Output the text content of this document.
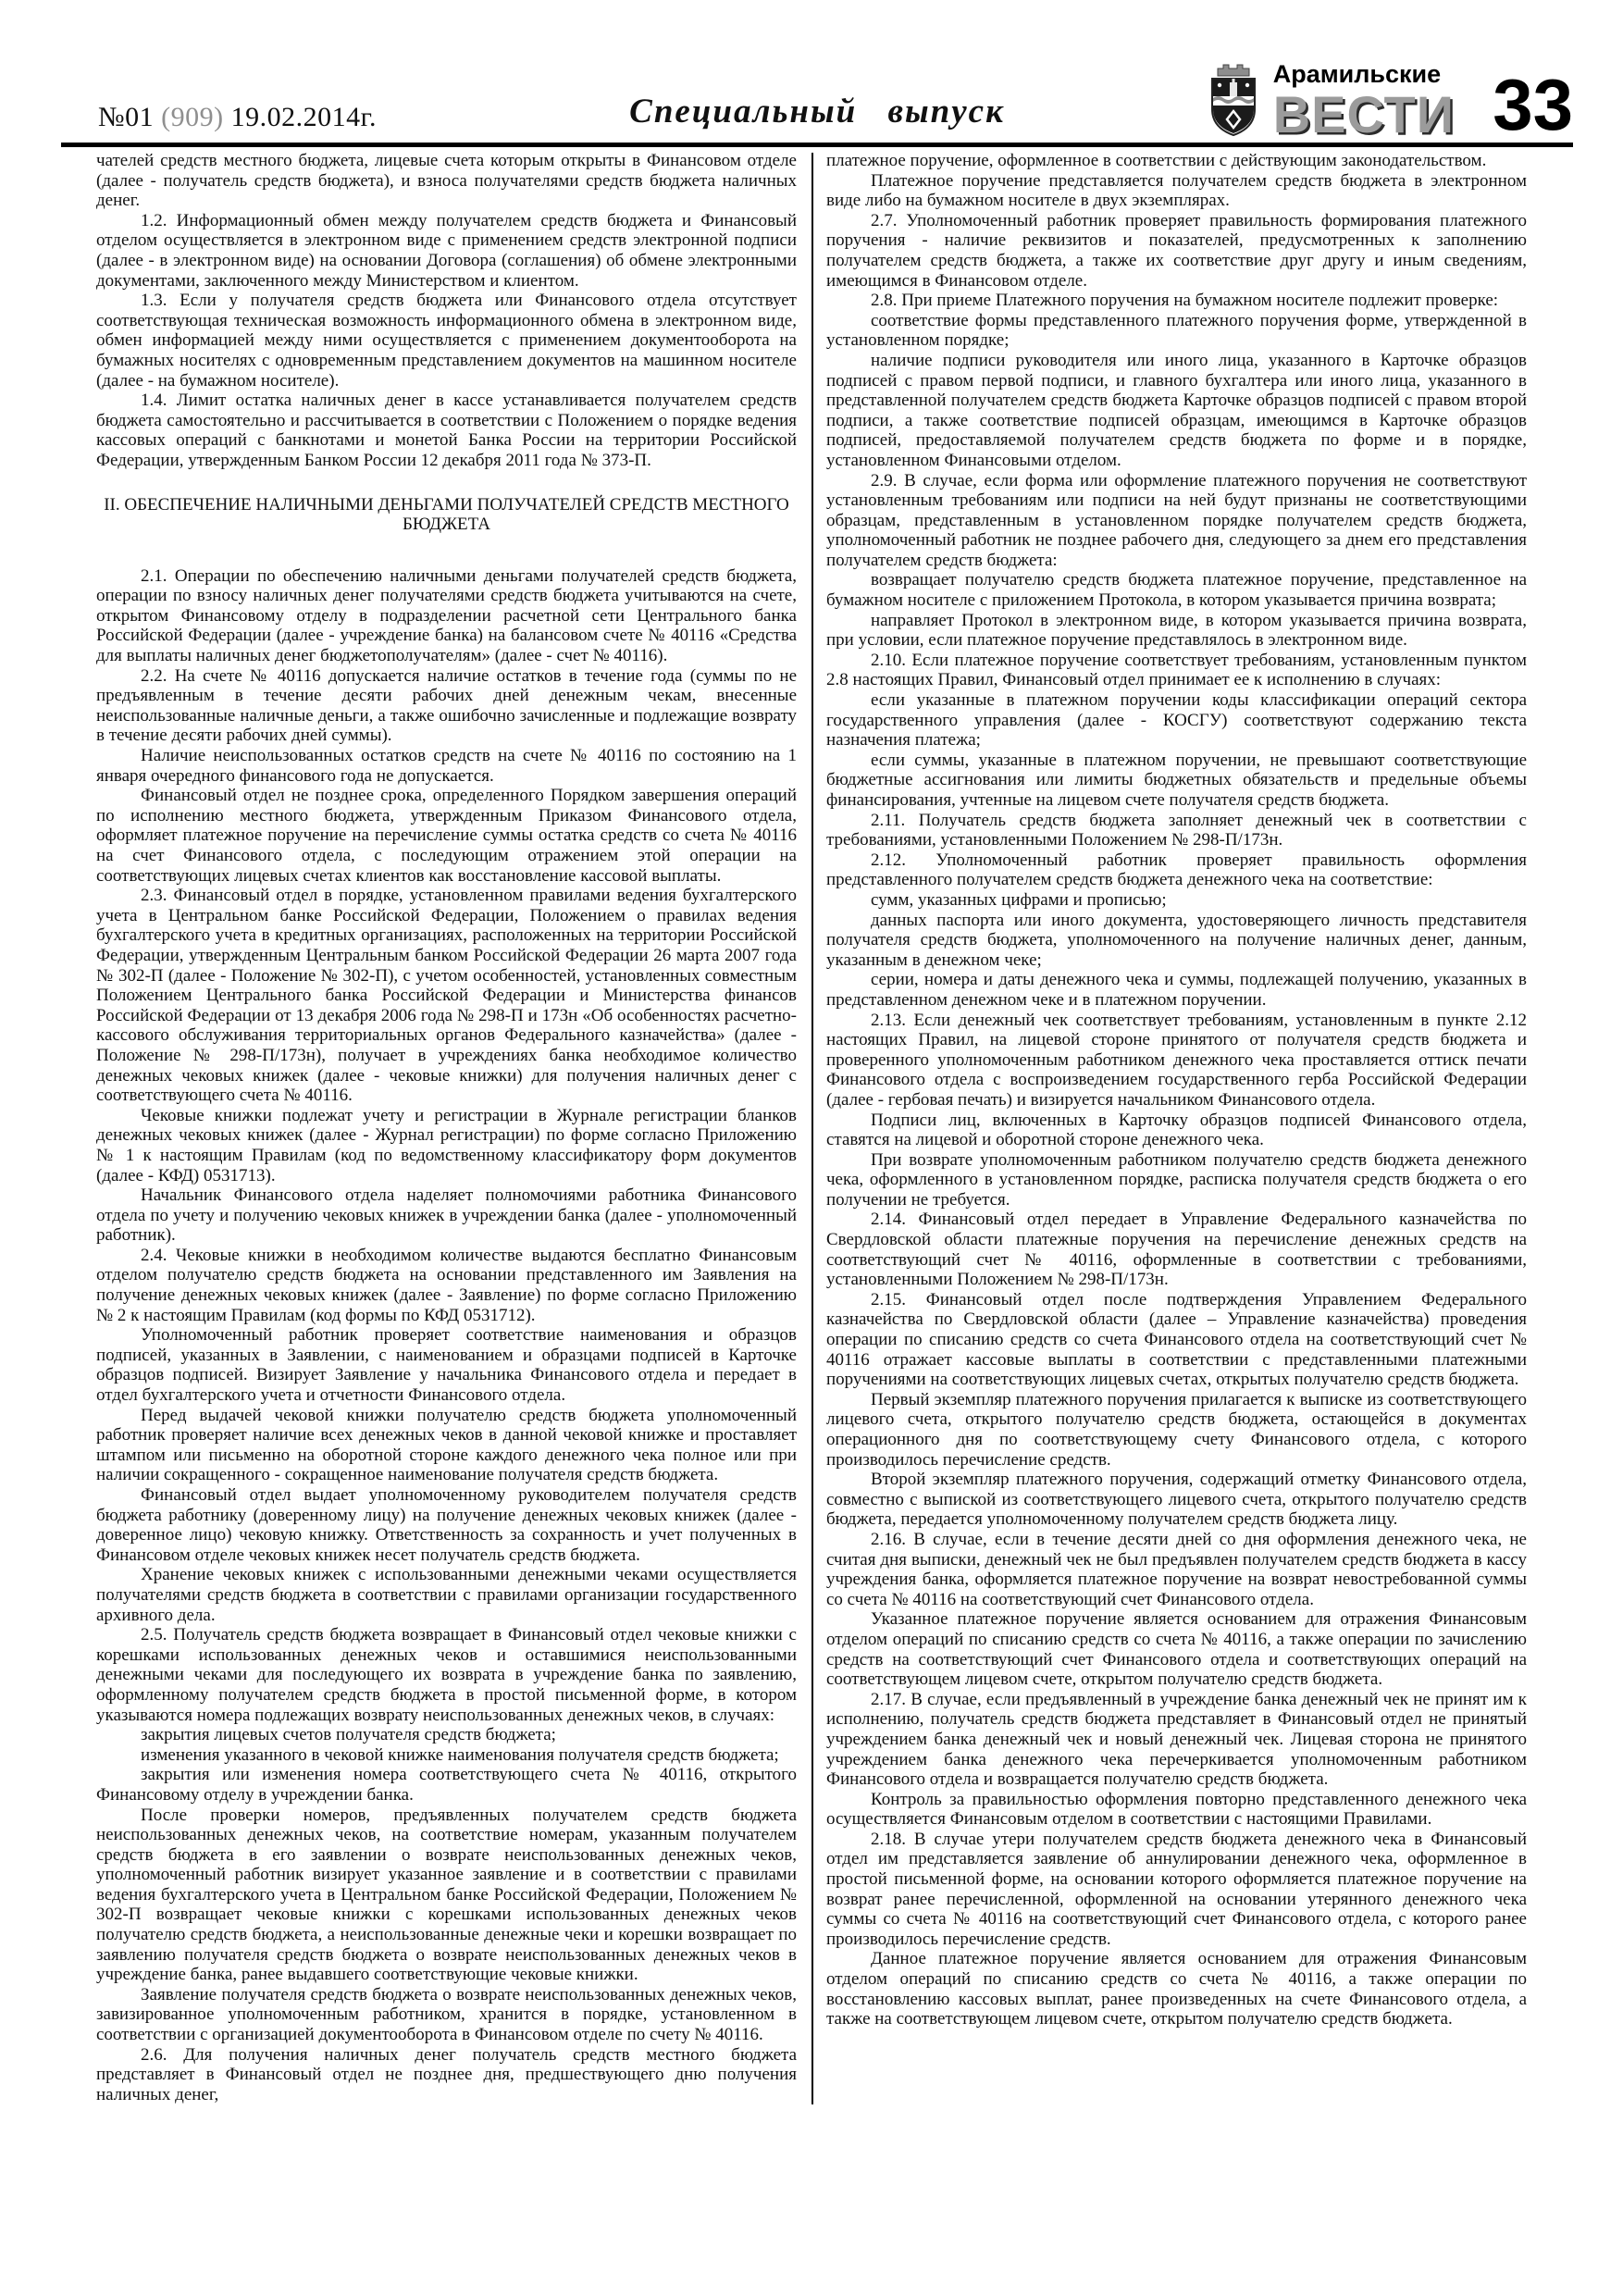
№01 (909) 19.02.2014г.	Специальный выпуск
Арамильские
ВЕСТИ 33

чателей средств местного бюджета, лицевые счета которым открыты в Финансовом отделе (далее - получатель средств бюджета), и взноса получателями средств бюджета наличных денег.

1.2. Информационный обмен между получателем средств бюджета и Финансовый отделом осуществляется в электронном виде с применением средств электронной подписи (далее - в электронном виде) на основании Договора (соглашения) об обмене электронными документами, заключенного между Министерством и клиентом.

1.3. Если у получателя средств бюджета или Финансового отдела отсутствует соответствующая техническая возможность информационного обмена в электронном виде, обмен информацией между ними осуществляется с применением документооборота на бумажных носителях с одновременным представлением документов на машинном носителе (далее - на бумажном носителе).

1.4. Лимит остатка наличных денег в кассе устанавливается получателем средств бюджета самостоятельно и рассчитывается в соответствии с Положением о порядке ведения кассовых операций с банкнотами и монетой Банка России на территории Российской Федерации, утвержденным Банком России 12 декабря 2011 года № 373-П.

II. ОБЕСПЕЧЕНИЕ НАЛИЧНЫМИ ДЕНЬГАМИ ПОЛУЧАТЕЛЕЙ СРЕДСТВ МЕСТНОГО БЮДЖЕТА

2.1. Операции по обеспечению наличными деньгами получателей средств бюджета, операции по взносу наличных денег получателями средств бюджета учитываются на счете, открытом Финансовому отделу в подразделении расчетной сети Центрального банка Российской Федерации (далее - учреждение банка) на балансовом счете № 40116 «Средства для выплаты наличных денег бюджетополучателям» (далее - счет № 40116).

2.2. На счете № 40116 допускается наличие остатков в течение года (суммы по не предъявленным в течение десяти рабочих дней денежным чекам, внесенные неиспользованные наличные деньги, а также ошибочно зачисленные и подлежащие возврату в течение десяти рабочих дней суммы).

Наличие неиспользованных остатков средств на счете № 40116 по состоянию на 1 января очередного финансового года не допускается.

Финансовый отдел не позднее срока, определенного Порядком завершения операций по исполнению местного бюджета, утвержденным Приказом Финансового отдела, оформляет платежное поручение на перечисление суммы остатка средств со счета № 40116 на счет Финансового отдела, с последующим отражением этой операции на соответствующих лицевых счетах клиентов как восстановление кассовой выплаты.

2.3. Финансовый отдел в порядке, установленном правилами ведения бухгалтерского учета в Центральном банке Российской Федерации, Положением о правилах ведения бухгалтерского учета в кредитных организациях, расположенных на территории Российской Федерации, утвержденным Центральным банком Российской Федерации 26 марта 2007 года № 302-П (далее - Положение № 302-П), с учетом особенностей, установленных совместным Положением Центрального банка Российской Федерации и Министерства финансов Российской Федерации от 13 декабря 2006 года № 298-П и 173н «Об особенностях расчетно-кассового обслуживания территориальных органов Федерального казначейства» (далее - Положение № 298-П/173н), получает в учреждениях банка необходимое количество денежных чековых книжек (далее - чековые книжки) для получения наличных денег с соответствующего счета № 40116.

Чековые книжки подлежат учету и регистрации в Журнале регистрации бланков денежных чековых книжек (далее - Журнал регистрации) по форме согласно Приложению № 1 к настоящим Правилам (код по ведомственному классификатору форм документов (далее - КФД) 0531713).

Начальник Финансового отдела наделяет полномочиями работника Финансового отдела по учету и получению чековых книжек в учреждении банка (далее - уполномоченный работник).

2.4. Чековые книжки в необходимом количестве выдаются бесплатно Финансовым отделом получателю средств бюджета на основании представленного им Заявления на получение денежных чековых книжек (далее - Заявление) по форме согласно Приложению № 2 к настоящим Правилам (код формы по КФД 0531712).

Уполномоченный работник проверяет соответствие наименования и образцов подписей, указанных в Заявлении, с наименованием и образцами подписей в Карточке образцов подписей. Визирует Заявление у начальника Финансового отдела и передает в отдел бухгалтерского учета и отчетности Финансового отдела.

Перед выдачей чековой книжки получателю средств бюджета уполномоченный работник проверяет наличие всех денежных чеков в данной чековой книжке и проставляет штампом или письменно на оборотной стороне каждого денежного чека полное или при наличии сокращенного - сокращенное наименование получателя средств бюджета.

Финансовый отдел выдает уполномоченному руководителем получателя средств бюджета работнику (доверенному лицу) на получение денежных чековых книжек (далее - доверенное лицо) чековую книжку. Ответственность за сохранность и учет полученных в Финансовом отделе чековых книжек несет получатель средств бюджета.

Хранение чековых книжек с использованными денежными чеками осуществляется получателями средств бюджета в соответствии с правилами организации государственного архивного дела.

2.5. Получатель средств бюджета возвращает в Финансовый отдел чековые книжки с корешками использованных денежных чеков и оставшимися неиспользованными денежными чеками для последующего их возврата в учреждение банка по заявлению, оформленному получателем средств бюджета в простой письменной форме, в котором указываются номера подлежащих возврату неиспользованных денежных чеков, в случаях:

закрытия лицевых счетов получателя средств бюджета;

изменения указанного в чековой книжке наименования получателя средств бюджета;

закрытия или изменения номера соответствующего счета № 40116, открытого Финансовому отделу в учреждении банка.

После проверки номеров, предъявленных получателем средств бюджета неиспользованных денежных чеков, на соответствие номерам, указанным получателем средств бюджета в его заявлении о возврате неиспользованных денежных чеков, уполномоченный работник визирует указанное заявление и в соответствии с правилами ведения бухгалтерского учета в Центральном банке Российской Федерации, Положением № 302-П возвращает чековые книжки с корешками использованных денежных чеков получателю средств бюджета, а неиспользованные денежные чеки и корешки возвращает по заявлению получателя средств бюджета о возврате неиспользованных денежных чеков в учреждение банка, ранее выдавшего соответствующие чековые книжки.

Заявление получателя средств бюджета о возврате неиспользованных денежных чеков, завизированное уполномоченным работником, хранится в порядке, установленном в соответствии с организацией документооборота в Финансовом отделе по счету № 40116.

2.6. Для получения наличных денег получатель средств местного бюджета представляет в Финансовый отдел не позднее дня, предшествующего дню получения наличных денег,

платежное поручение, оформленное в соответствии с действующим законодательством.

Платежное поручение представляется получателем средств бюджета в электронном виде либо на бумажном носителе в двух экземплярах.

2.7. Уполномоченный работник проверяет правильность формирования платежного поручения - наличие реквизитов и показателей, предусмотренных к заполнению получателем средств бюджета, а также их соответствие друг другу и иным сведениям, имеющимся в Финансовом отделе.

2.8. При приеме Платежного поручения на бумажном носителе подлежит проверке:

соответствие формы представленного платежного поручения форме, утвержденной в установленном порядке;

наличие подписи руководителя или иного лица, указанного в Карточке образцов подписей с правом первой подписи, и главного бухгалтера или иного лица, указанного в представленной получателем средств бюджета Карточке образцов подписей с правом второй подписи, а также соответствие подписей образцам, имеющимся в Карточке образцов подписей, предоставляемой получателем средств бюджета по форме и в порядке, установленном Финансовыми отделом.

2.9. В случае, если форма или оформление платежного поручения не соответствуют установленным требованиям или подписи на ней будут признаны не соответствующими образцам, представленным в установленном порядке получателем средств бюджета, уполномоченный работник не позднее рабочего дня, следующего за днем его представления получателем средств бюджета:

возвращает получателю средств бюджета платежное поручение, представленное на бумажном носителе с приложением Протокола, в котором указывается причина возврата;

направляет Протокол в электронном виде, в котором указывается причина возврата, при условии, если платежное поручение представлялось в электронном виде.

2.10. Если платежное поручение соответствует требованиям, установленным пунктом 2.8 настоящих Правил, Финансовый отдел принимает ее к исполнению в случаях:

если указанные в платежном поручении коды классификации операций сектора государственного управления (далее - КОСГУ) соответствуют содержанию текста назначения платежа;

если суммы, указанные в платежном поручении, не превышают соответствующие бюджетные ассигнования или лимиты бюджетных обязательств и предельные объемы финансирования, учтенные на лицевом счете получателя средств бюджета.

2.11. Получатель средств бюджета заполняет денежный чек в соответствии с требованиями, установленными Положением № 298-П/173н.

2.12. Уполномоченный работник проверяет правильность оформления представленного получателем средств бюджета денежного чека на соответствие:

сумм, указанных цифрами и прописью;

данных паспорта или иного документа, удостоверяющего личность представителя получателя средств бюджета, уполномоченного на получение наличных денег, данным, указанным в денежном чеке;

серии, номера и даты денежного чека и суммы, подлежащей получению, указанных в представленном денежном чеке и в платежном поручении.

2.13. Если денежный чек соответствует требованиям, установленным в пункте 2.12 настоящих Правил, на лицевой стороне принятого от получателя средств бюджета и проверенного уполномоченным работником денежного чека проставляется оттиск печати Финансового отдела с воспроизведением государственного герба Российской Федерации (далее - гербовая печать) и визируется начальником Финансового отдела.

Подписи лиц, включенных в Карточку образцов подписей Финансового отдела, ставятся на лицевой и оборотной стороне денежного чека.

При возврате уполномоченным работником получателю средств бюджета денежного чека, оформленного в установленном порядке, расписка получателя средств бюджета о его получении не требуется.

2.14. Финансовый отдел передает в Управление Федерального казначейства по Свердловской области платежные поручения на перечисление денежных средств на соответствующий счет № 40116, оформленные в соответствии с требованиями, установленными Положением № 298-П/173н.

2.15. Финансовый отдел после подтверждения Управлением Федерального казначейства по Свердловской области (далее – Управление казначейства) проведения операции по списанию средств со счета Финансового отдела на соответствующий счет № 40116 отражает кассовые выплаты в соответствии с представленными платежными поручениями на соответствующих лицевых счетах, открытых получателю средств бюджета.

Первый экземпляр платежного поручения прилагается к выписке из соответствующего лицевого счета, открытого получателю средств бюджета, остающейся в документах операционного дня по соответствующему счету Финансового отдела, с которого производилось перечисление средств.

Второй экземпляр платежного поручения, содержащий отметку Финансового отдела, совместно с выпиской из соответствующего лицевого счета, открытого получателю средств бюджета, передается уполномоченному получателем средств бюджета лицу.

2.16. В случае, если в течение десяти дней со дня оформления денежного чека, не считая дня выписки, денежный чек не был предъявлен получателем средств бюджета в кассу учреждения банка, оформляется платежное поручение на возврат невостребованной суммы со счета № 40116 на соответствующий счет Финансового отдела.

Указанное платежное поручение является основанием для отражения Финансовым отделом операций по списанию средств со счета № 40116, а также операции по зачислению средств на соответствующий счет Финансового отдела и соответствующих операций на соответствующем лицевом счете, открытом получателю средств бюджета.

2.17. В случае, если предъявленный в учреждение банка денежный чек не принят им к исполнению, получатель средств бюджета представляет в Финансовый отдел не принятый учреждением банка денежный чек и новый денежный чек. Лицевая сторона не принятого учреждением банка денежного чека перечеркивается уполномоченным работником Финансового отдела и возвращается получателю средств бюджета.

Контроль за правильностью оформления повторно представленного денежного чека осуществляется Финансовым отделом в соответствии с настоящими Правилами.

2.18. В случае утери получателем средств бюджета денежного чека в Финансовый отдел им представляется заявление об аннулировании денежного чека, оформленное в простой письменной форме, на основании которого оформляется платежное поручение на возврат ранее перечисленной, оформленной на основании утерянного денежного чека суммы со счета № 40116 на соответствующий счет Финансового отдела, с которого ранее производилось перечисление средств.

Данное платежное поручение является основанием для отражения Финансовым отделом операций по списанию средств со счета № 40116, а также операции по восстановлению кассовых выплат, ранее произведенных на счете Финансового отдела, а также на соответствующем лицевом счете, открытом получателю средств бюджета.
